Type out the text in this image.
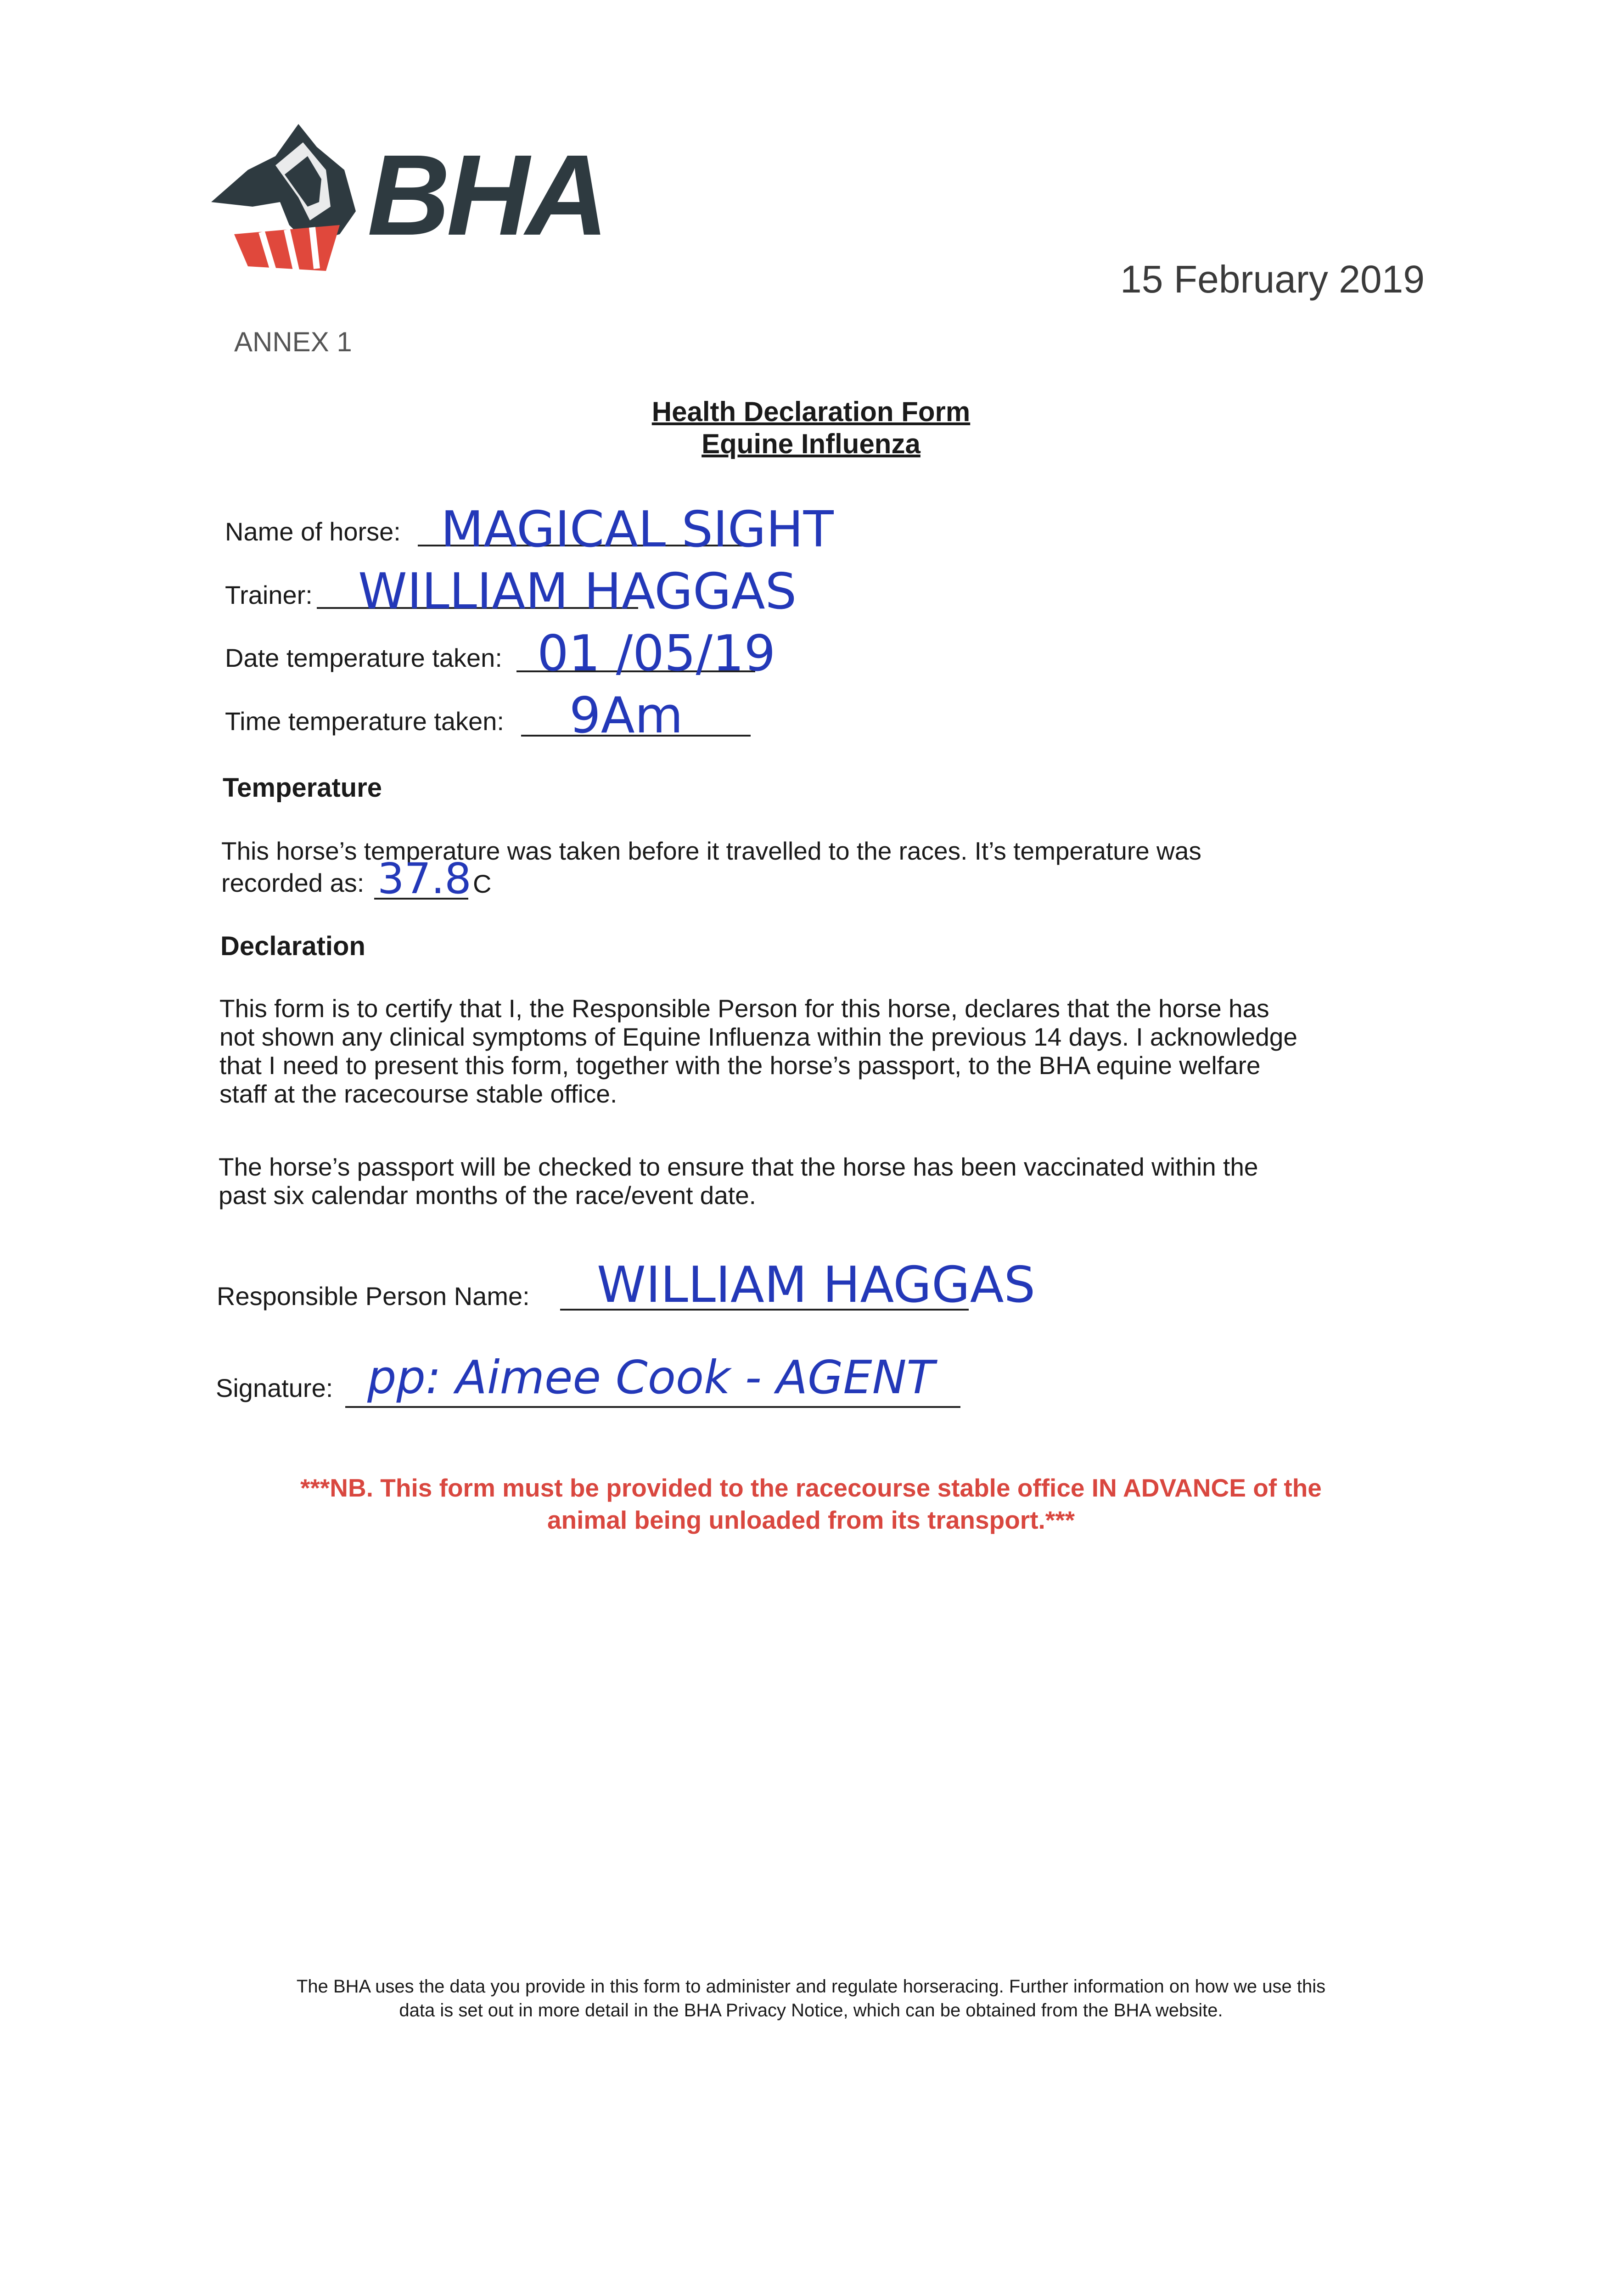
BHA
15 February 2019
ANNEX 1
Health Declaration Form
Equine Influenza
Name of horse: MAGICAL SIGHT
Trainer: WILLIAM HAGGAS
Date temperature taken: 01 /05/19
Time temperature taken: 9Am
Temperature
This horse’s temperature was taken before it travelled to the races. It’s temperature was
recorded as: 37.8 C
Declaration
This form is to certify that I, the Responsible Person for this horse, declares that the horse has
not shown any clinical symptoms of Equine Influenza within the previous 14 days. I acknowledge
that I need to present this form, together with the horse’s passport, to the BHA equine welfare
staff at the racecourse stable office.
The horse’s passport will be checked to ensure that the horse has been vaccinated within the
past six calendar months of the race/event date.
Responsible Person Name: WILLIAM HAGGAS
Signature: pp: Aimee Cook - AGENT
***NB. This form must be provided to the racecourse stable office IN ADVANCE of the
animal being unloaded from its transport.***
The BHA uses the data you provide in this form to administer and regulate horseracing. Further information on how we use this
data is set out in more detail in the BHA Privacy Notice, which can be obtained from the BHA website.
